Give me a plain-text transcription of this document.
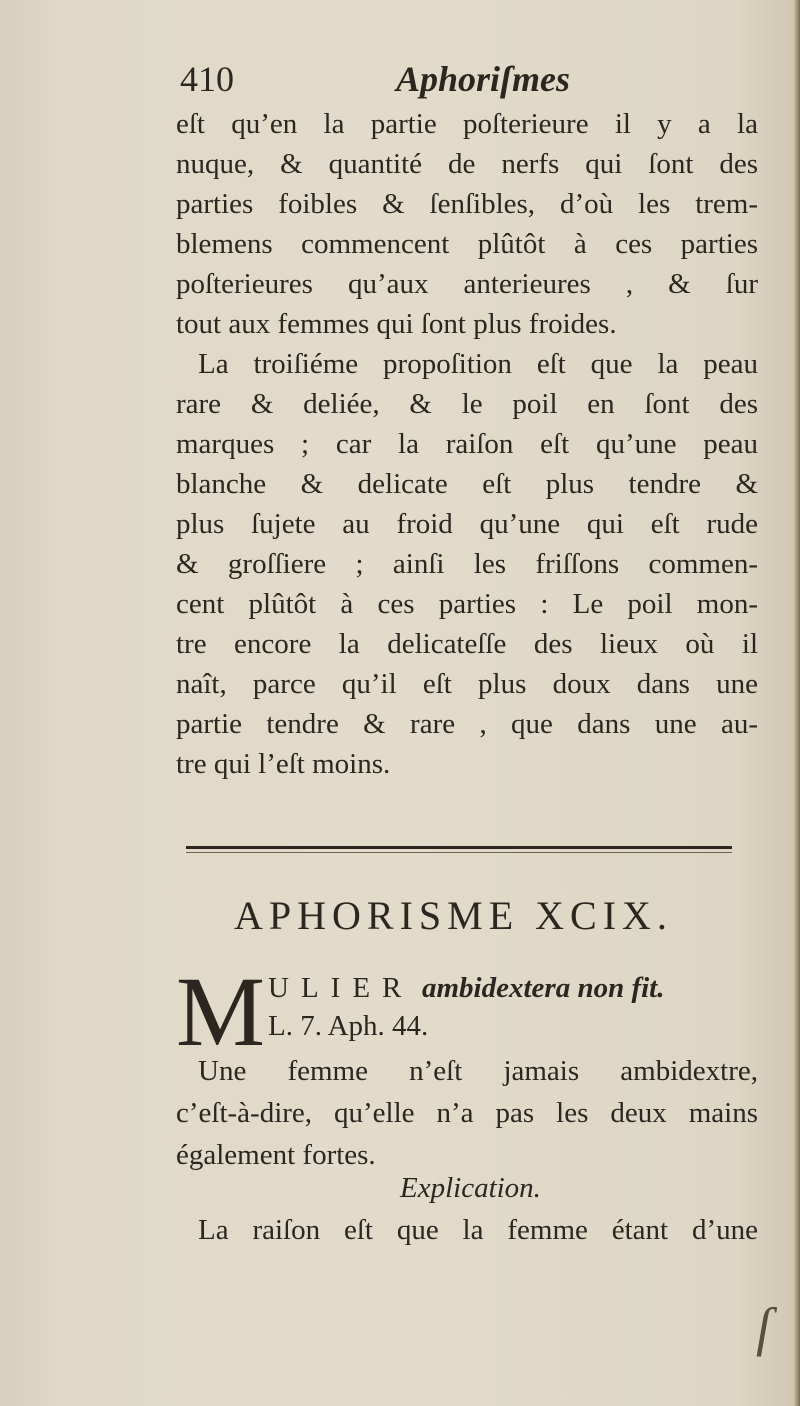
410	Aphoriſmes
eſt qu’en la partie poſterieure il y a la
nuque, & quantité de nerfs qui ſont des
parties foibles & ſenſibles, d’où les trem-
blemens commencent plûtôt à ces parties
poſterieures qu’aux anterieures , & ſur
tout aux femmes qui ſont plus froides.
La troiſiéme propoſition eſt que la peau
rare & deliée, & le poil en ſont des
marques ; car la raiſon eſt qu’une peau
blanche & delicate eſt plus tendre &
plus ſujete au froid qu’une qui eſt rude
& groſſiere ; ainſi les friſſons commen-
cent plûtôt à ces parties : Le poil mon-
tre encore la delicateſſe des lieux où il
naît, parce qu’il eſt plus doux dans une
partie tendre & rare , que dans une au-
tre qui l’eſt moins.
APHORISME XCIX.
M ULIER ambidextera non fit.
L. 7. Aph. 44.
Une femme n’eſt jamais ambidextre,
c’eſt-à-dire, qu’elle n’a pas les deux mains
également fortes.
Explication.
La raiſon eſt que la femme étant d’une
ſ
